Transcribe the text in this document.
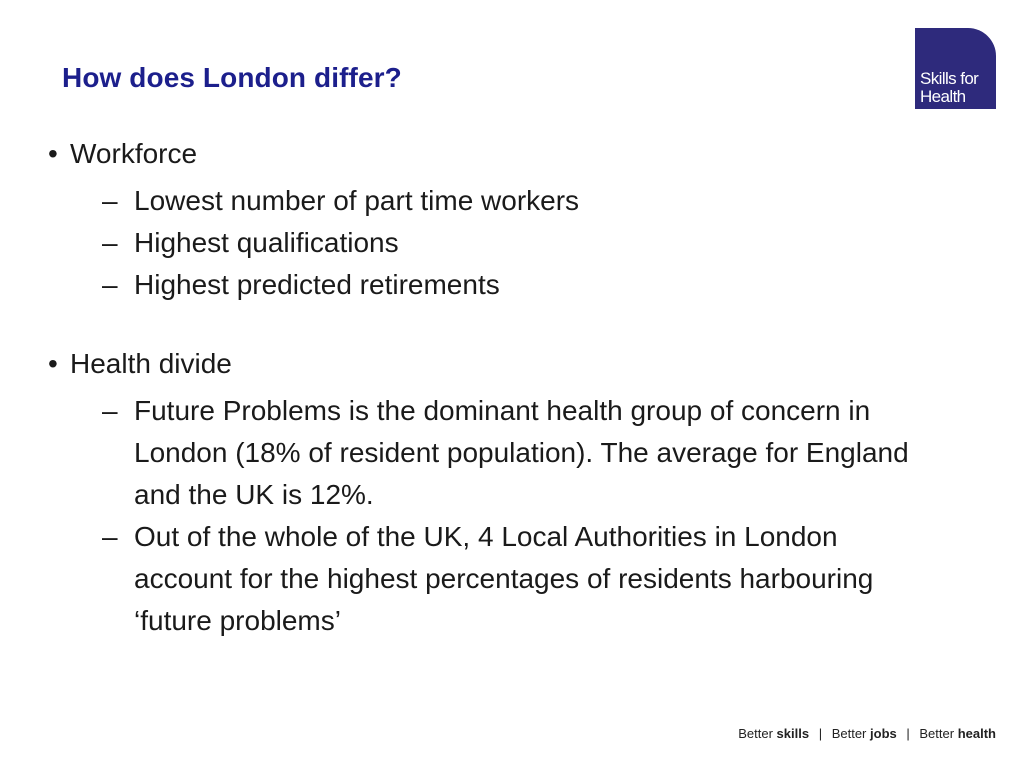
How does London differ?	Skills for
Health
• Workforce
– Lowest number of part time workers
– Highest qualifications
– Highest predicted retirements
• Health divide
– Future Problems is the dominant health group of concern in London (18% of resident population). The average for England and the UK is 12%.
– Out of the whole of the UK, 4 Local Authorities in London account for the highest percentages of residents harbouring ‘future problems’
Better skills | Better jobs | Better health
